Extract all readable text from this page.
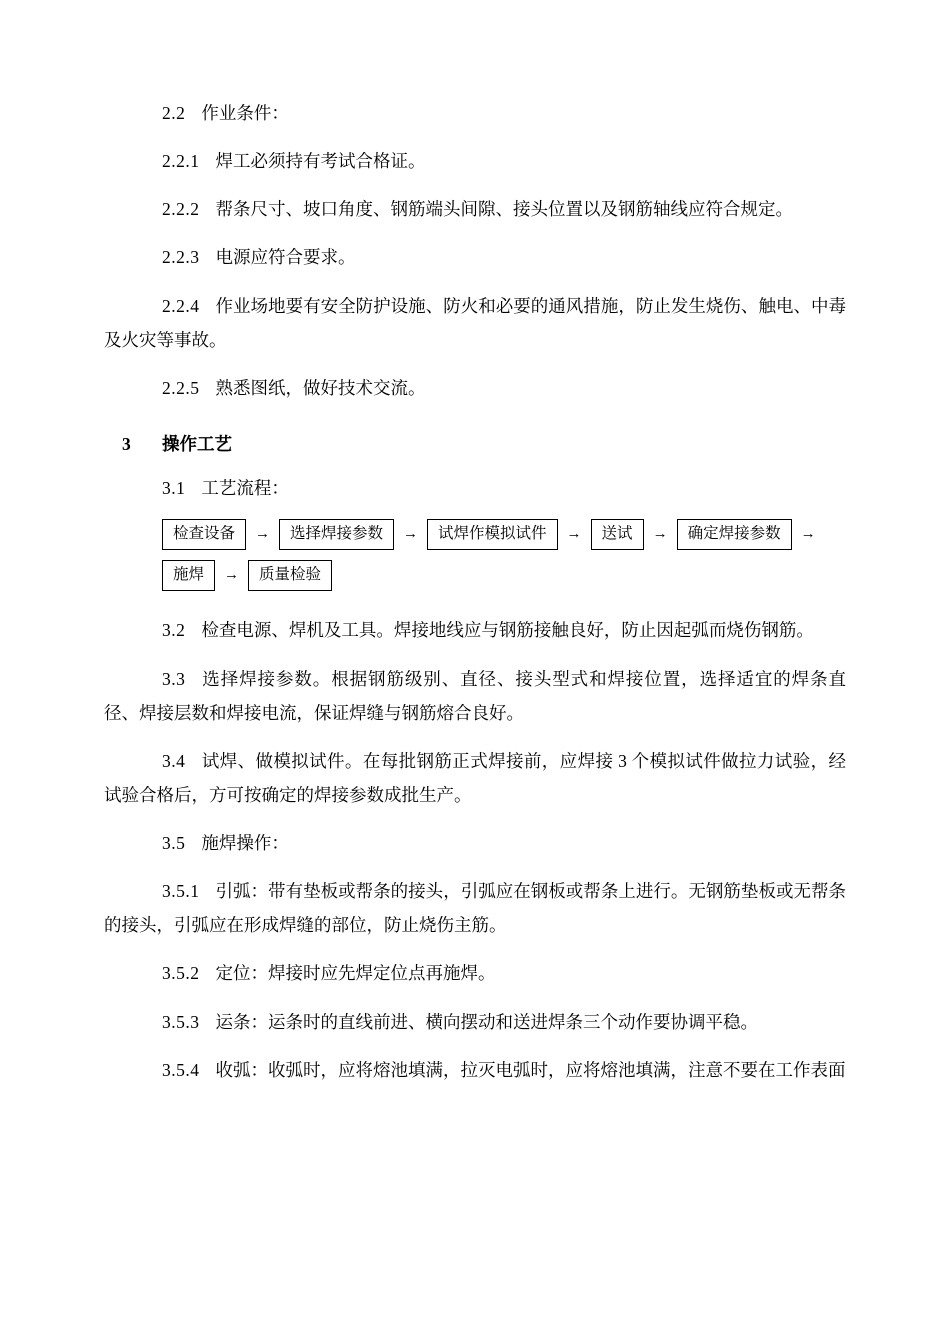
2.2 作业条件：

2.2.1 焊工必须持有考试合格证。

2.2.2 帮条尺寸、坡口角度、钢筋端头间隙、接头位置以及钢筋轴线应符合规定。

2.2.3 电源应符合要求。

2.2.4 作业场地要有安全防护设施、防火和必要的通风措施，防止发生烧伤、触电、中毒及火灾等事故。

2.2.5 熟悉图纸，做好技术交流。

3 操作工艺

3.1 工艺流程：

检查设备	→	选择焊接参数	→	试焊作模拟试件	→	送试	→	确定焊接参数	→
施焊	→	质量检验

3.2 检查电源、焊机及工具。焊接地线应与钢筋接触良好，防止因起弧而烧伤钢筋。

3.3 选择焊接参数。根据钢筋级别、直径、接头型式和焊接位置，选择适宜的焊条直径、焊接层数和焊接电流，保证焊缝与钢筋熔合良好。

3.4 试焊、做模拟试件。在每批钢筋正式焊接前，应焊接 3 个模拟试件做拉力试验，经试验合格后，方可按确定的焊接参数成批生产。

3.5 施焊操作：

3.5.1 引弧：带有垫板或帮条的接头，引弧应在钢板或帮条上进行。无钢筋垫板或无帮条的接头，引弧应在形成焊缝的部位，防止烧伤主筋。

3.5.2 定位：焊接时应先焊定位点再施焊。

3.5.3 运条：运条时的直线前进、横向摆动和送进焊条三个动作要协调平稳。

3.5.4 收弧：收弧时，应将熔池填满，拉灭电弧时，应将熔池填满，注意不要在工作表面
